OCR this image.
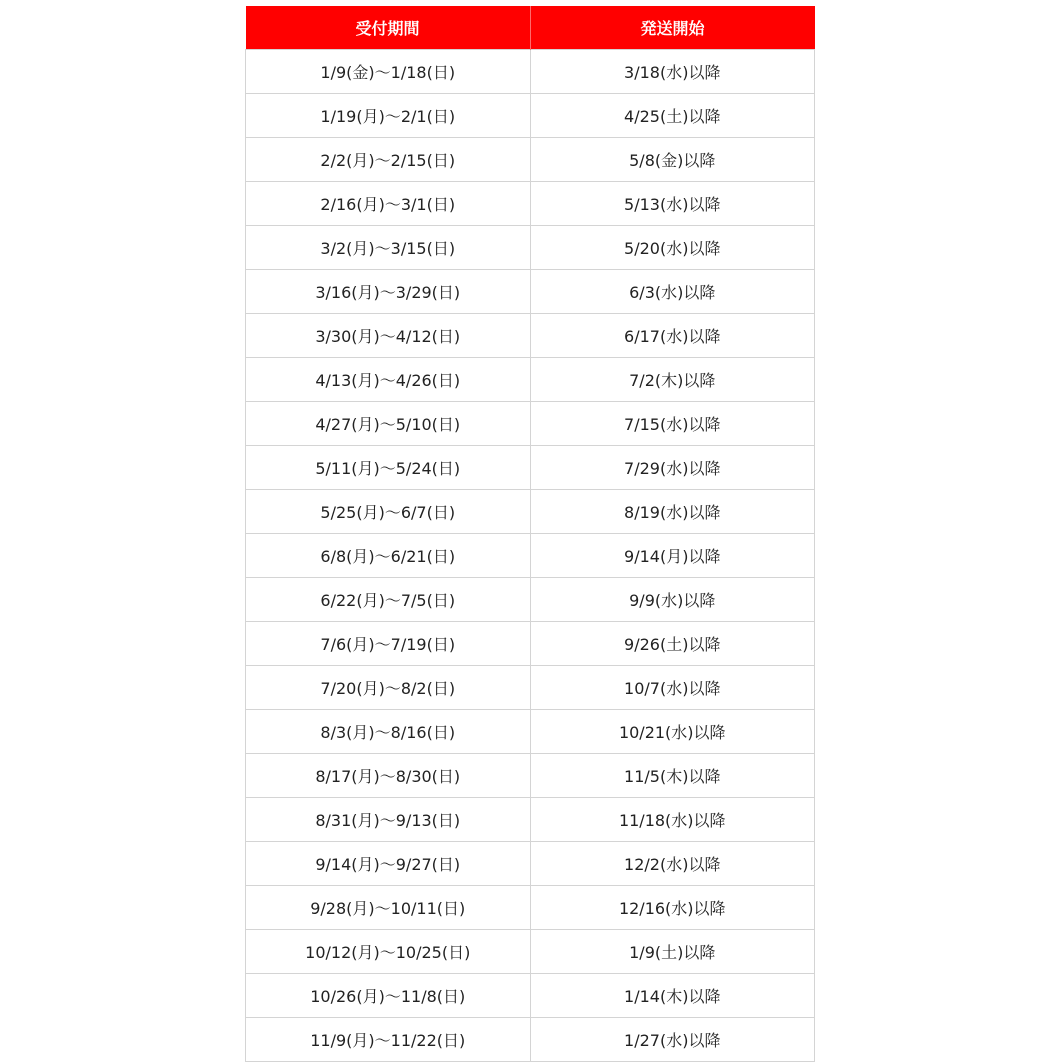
受付期間	発送開始
1/9(金)～1/18(日)	3/18(水)以降
1/19(月)～2/1(日)	4/25(土)以降
2/2(月)～2/15(日)	5/8(金)以降
2/16(月)～3/1(日)	5/13(水)以降
3/2(月)～3/15(日)	5/20(水)以降
3/16(月)～3/29(日)	6/3(水)以降
3/30(月)～4/12(日)	6/17(水)以降
4/13(月)～4/26(日)	7/2(木)以降
4/27(月)～5/10(日)	7/15(水)以降
5/11(月)～5/24(日)	7/29(水)以降
5/25(月)～6/7(日)	8/19(水)以降
6/8(月)～6/21(日)	9/14(月)以降
6/22(月)～7/5(日)	9/9(水)以降
7/6(月)～7/19(日)	9/26(土)以降
7/20(月)～8/2(日)	10/7(水)以降
8/3(月)～8/16(日)	10/21(水)以降
8/17(月)～8/30(日)	11/5(木)以降
8/31(月)～9/13(日)	11/18(水)以降
9/14(月)～9/27(日)	12/2(水)以降
9/28(月)～10/11(日)	12/16(水)以降
10/12(月)～10/25(日)	1/9(土)以降
10/26(月)～11/8(日)	1/14(木)以降
11/9(月)～11/22(日)	1/27(水)以降
